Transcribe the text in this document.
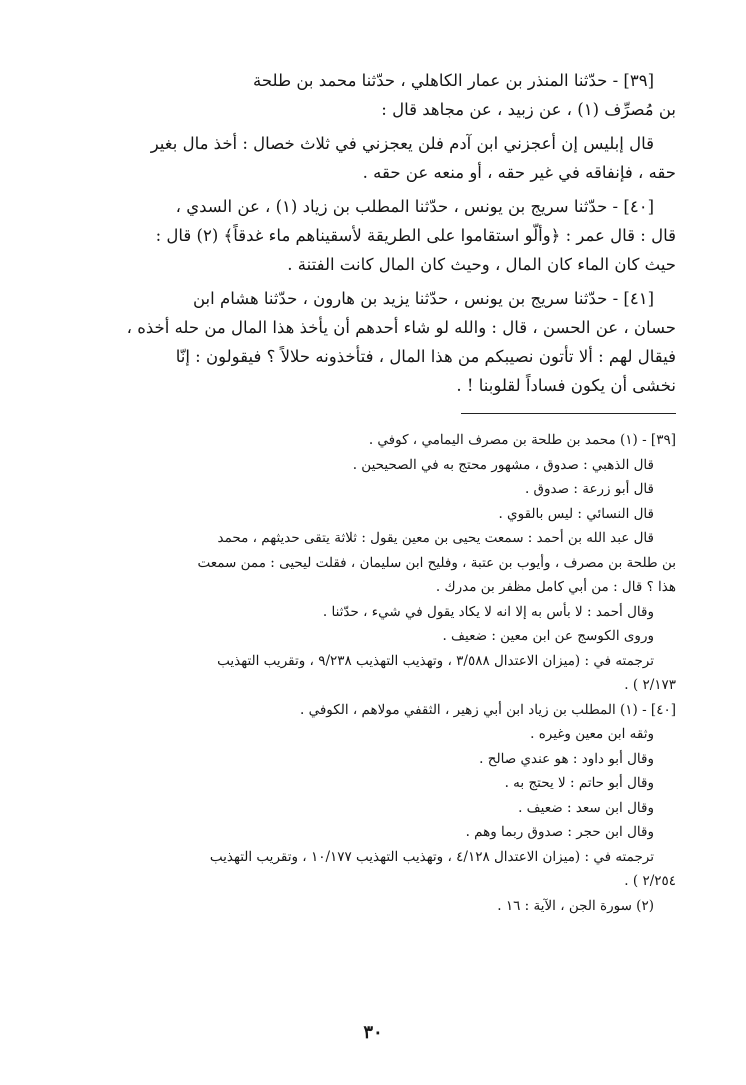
[٣٩] - حدّثنا المنذر بن عمار الكاهلي ، حدّثنا محمد بن طلحة
بن مُصرِّف (١) ، عن زبيد ، عن مجاهد قال :
قال إبليس إن أعجزني ابن آدم فلن يعجزني في ثلاث خصال : أخذ مال بغير
حقه ، فإنفاقه في غير حقه ، أو منعه عن حقه .
[٤٠] - حدّثنا سريج بن يونس ، حدّثنا المطلب بن زياد (١) ، عن السدي ،
قال : قال عمر : ﴿وألّو استقاموا على الطريقة لأسقيناهم ماء غدقاً﴾ (٢) قال :
حيث كان الماء كان المال ، وحيث كان المال كانت الفتنة .
[٤١] - حدّثنا سريج بن يونس ، حدّثنا يزيد بن هارون ، حدّثنا هشام ابن
حسان ، عن الحسن ، قال : والله لو شاء أحدهم أن يأخذ هذا المال من حله أخذه ،
فيقال لهم : ألا تأتون نصيبكم من هذا المال ، فتأخذونه حلالاً ؟ فيقولون : إنّا
نخشى أن يكون فساداً لقلوبنا ! .
[٣٩] - (١) محمد بن طلحة بن مصرف اليمامي ، كوفي .
قال الذهبي : صدوق ، مشهور محتج به في الصحيحين .
قال أبو زرعة : صدوق .
قال النسائي : ليس بالقوي .
قال عبد الله بن أحمد : سمعت يحيى بن معين يقول : ثلاثة يتقى حديثهم ، محمد
بن طلحة بن مصرف ، وأيوب بن عتبة ، وفليح ابن سليمان ، فقلت ليحيى : ممن سمعت
هذا ؟ قال : من أبي كامل مظفر بن مدرك .
وقال أحمد : لا بأس به إلا انه لا يكاد يقول في شيء ، حدّثنا .
وروى الكوسج عن ابن معين : ضعيف .
ترجمته في : (ميزان الاعتدال ٣/٥٨٨ ، وتهذيب التهذيب ٩/٢٣٨ ، وتقريب التهذيب
٢/١٧٣ ) .
[٤٠] - (١) المطلب بن زياد ابن أبي زهير ، الثقفي مولاهم ، الكوفي .
وثقه ابن معين وغيره .
وقال أبو داود : هو عندي صالح .
وقال أبو حاتم : لا يحتج به .
وقال ابن سعد : ضعيف .
وقال ابن حجر : صدوق ربما وهم .
ترجمته في : (ميزان الاعتدال ٤/١٢٨ ، وتهذيب التهذيب ١٠/١٧٧ ، وتقريب التهذيب
٢/٢٥٤ ) .
(٢) سورة الجن ، الآية : ١٦ .
٣٠
